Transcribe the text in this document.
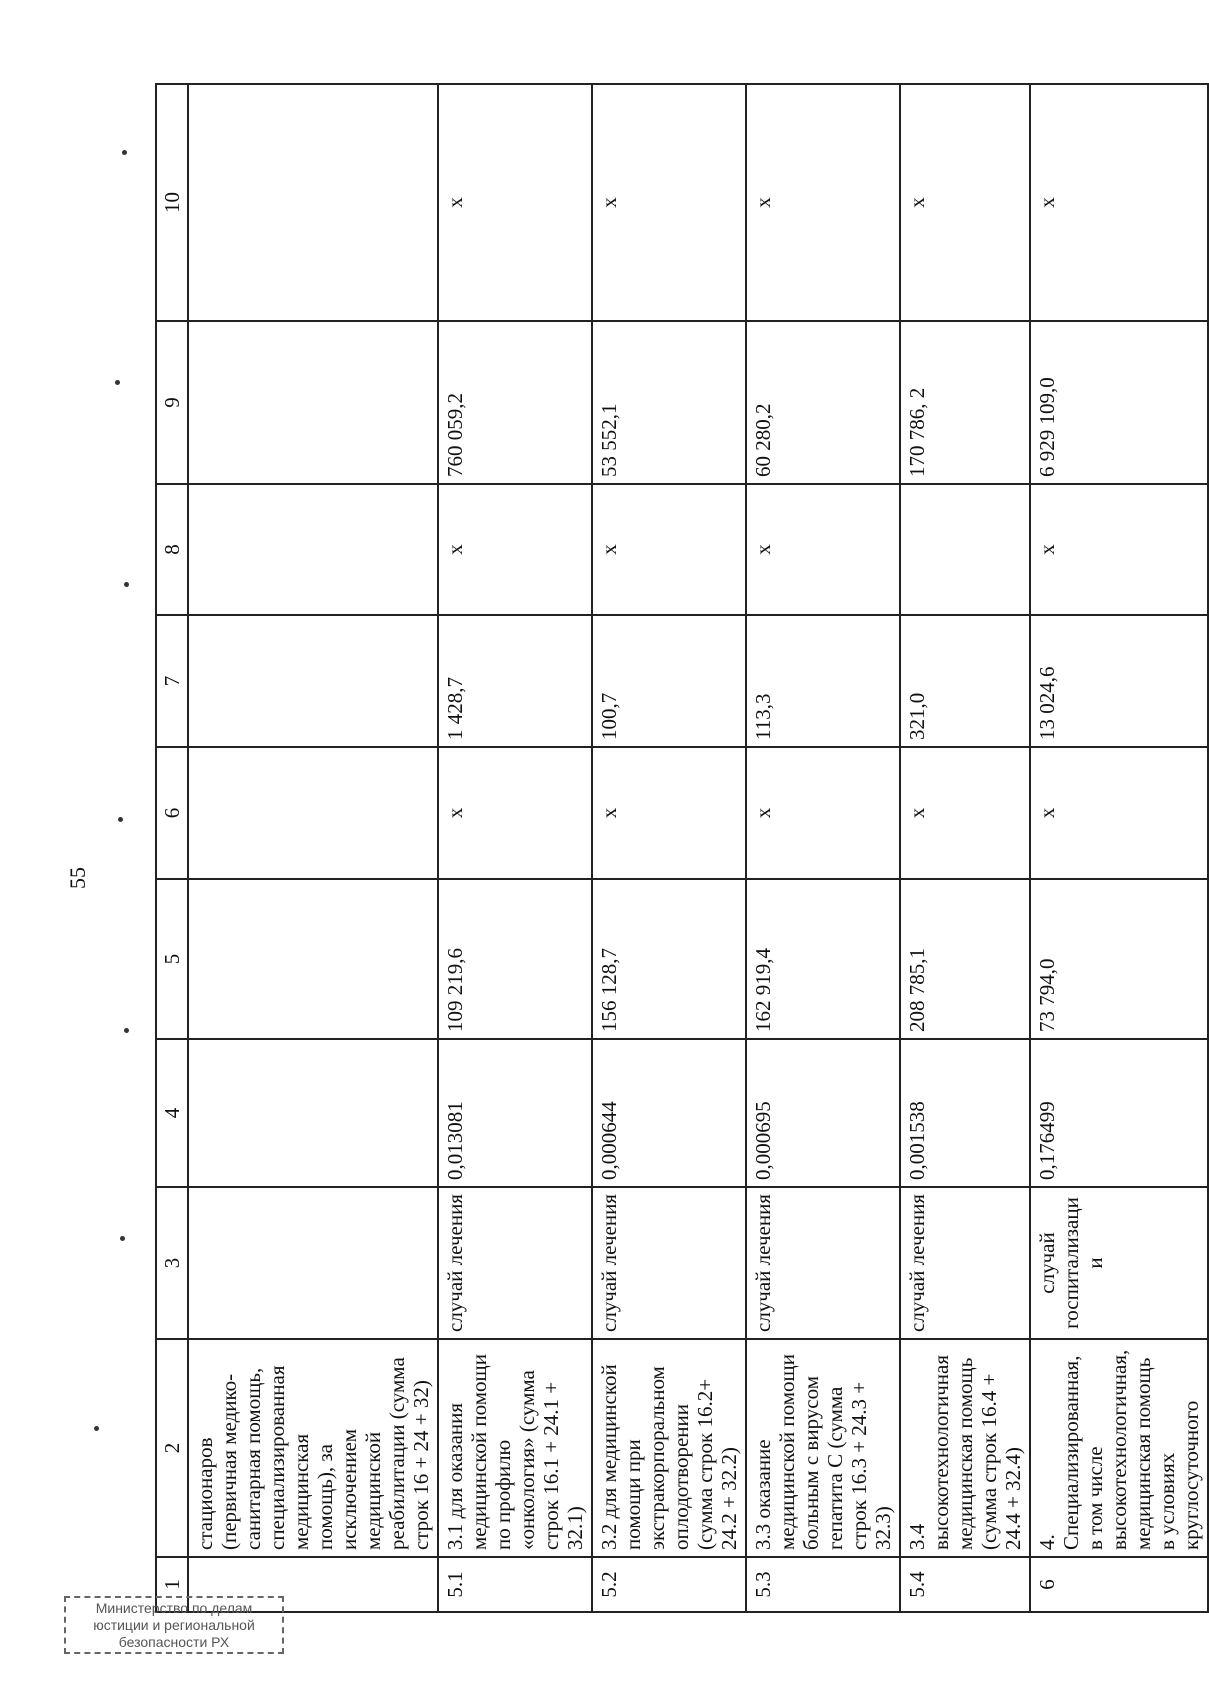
55
1	2	3	4	5	6	7	8	9	10
	стационаров (первичная медико-санитарная помощь, специализированная медицинская помощь), за исключением медицинской реабилитации (сумма строк 16 + 24 + 32)								
5.1	3.1 для оказания медицинской помощи по профилю «онкология» (сумма строк 16.1 + 24.1 + 32.1)	случай лечения	0,013081	109 219,6	x	1 428,7	x	760 059,2	x
5.2	3.2 для медицинской помощи при экстракорпоральном оплодотворении (сумма строк 16.2+ 24.2 + 32.2)	случай лечения	0,000644	156 128,7	x	100,7	x	53 552,1	x
5.3	3.3 оказание медицинской помощи больным с вирусом гепатита С (сумма строк 16.3 + 24.3 + 32.3)	случай лечения	0,000695	162 919,4	x	113,3	x	60 280,2	x
5.4	3.4 высокотехнологичная медицинская помощь (сумма строк 16.4 + 24.4 + 32.4)	случай лечения	0,001538	208 785,1	x	321,0		170 786, 2	x
6	4. Специализированная, в том числе высокотехнологичная, медицинская помощь в условиях круглосуточного	случай госпитализации	0,176499	73 794,0	x	13 024,6	x	6 929 109,0	x
Министерство по делам
юстиции и региональной
безопасности РХ
